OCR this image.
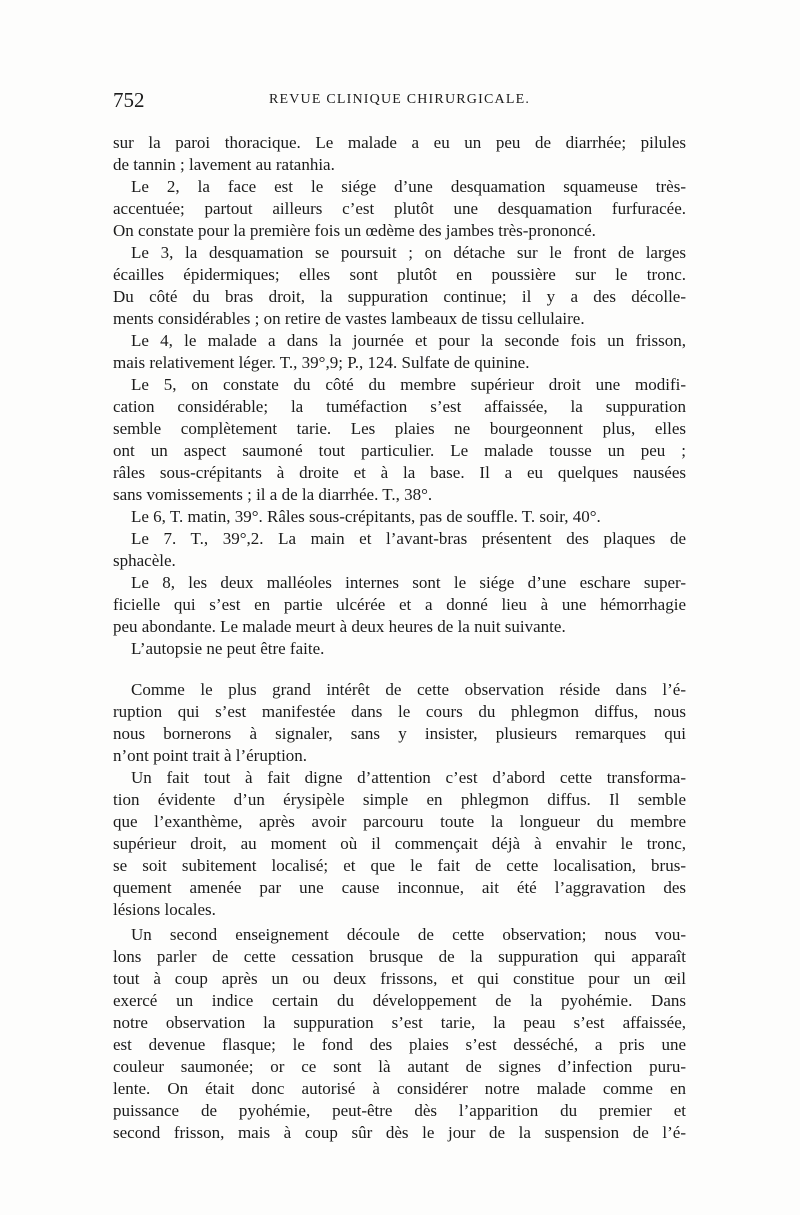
752	REVUE CLINIQUE CHIRURGICALE.
sur la paroi thoracique. Le malade a eu un peu de diarrhée; pilules
de tannin ; lavement au ratanhia.
Le 2, la face est le siége d’une desquamation squameuse très-
accentuée; partout ailleurs c’est plutôt une desquamation furfuracée.
On constate pour la première fois un œdème des jambes très-prononcé.
Le 3, la desquamation se poursuit ; on détache sur le front de larges
écailles épidermiques; elles sont plutôt en poussière sur le tronc.
Du côté du bras droit, la suppuration continue; il y a des décolle-
ments considérables ; on retire de vastes lambeaux de tissu cellulaire.
Le 4, le malade a dans la journée et pour la seconde fois un frisson,
mais relativement léger. T., 39°,9; P., 124. Sulfate de quinine.
Le 5, on constate du côté du membre supérieur droit une modifi-
cation considérable; la tuméfaction s’est affaissée, la suppuration
semble complètement tarie. Les plaies ne bourgeonnent plus, elles
ont un aspect saumoné tout particulier. Le malade tousse un peu ;
râles sous-crépitants à droite et à la base. Il a eu quelques nausées
sans vomissements ; il a de la diarrhée. T., 38°.
Le 6, T. matin, 39°. Râles sous-crépitants, pas de souffle. T. soir, 40°.
Le 7. T., 39°,2. La main et l’avant-bras présentent des plaques de
sphacèle.
Le 8, les deux malléoles internes sont le siége d’une eschare super-
ficielle qui s’est en partie ulcérée et a donné lieu à une hémorrhagie
peu abondante. Le malade meurt à deux heures de la nuit suivante.
L’autopsie ne peut être faite.
Comme le plus grand intérêt de cette observation réside dans l’é-
ruption qui s’est manifestée dans le cours du phlegmon diffus, nous
nous bornerons à signaler, sans y insister, plusieurs remarques qui
n’ont point trait à l’éruption.
Un fait tout à fait digne d’attention c’est d’abord cette transforma-
tion évidente d’un érysipèle simple en phlegmon diffus. Il semble
que l’exanthème, après avoir parcouru toute la longueur du membre
supérieur droit, au moment où il commençait déjà à envahir le tronc,
se soit subitement localisé; et que le fait de cette localisation, brus-
quement amenée par une cause inconnue, ait été l’aggravation des
lésions locales.
Un second enseignement découle de cette observation; nous vou-
lons parler de cette cessation brusque de la suppuration qui apparaît
tout à coup après un ou deux frissons, et qui constitue pour un œil
exercé un indice certain du développement de la pyohémie. Dans
notre observation la suppuration s’est tarie, la peau s’est affaissée,
est devenue flasque; le fond des plaies s’est desséché, a pris une
couleur saumonée; or ce sont là autant de signes d’infection puru-
lente. On était donc autorisé à considérer notre malade comme en
puissance de pyohémie, peut-être dès l’apparition du premier et
second frisson, mais à coup sûr dès le jour de la suspension de l’é-
